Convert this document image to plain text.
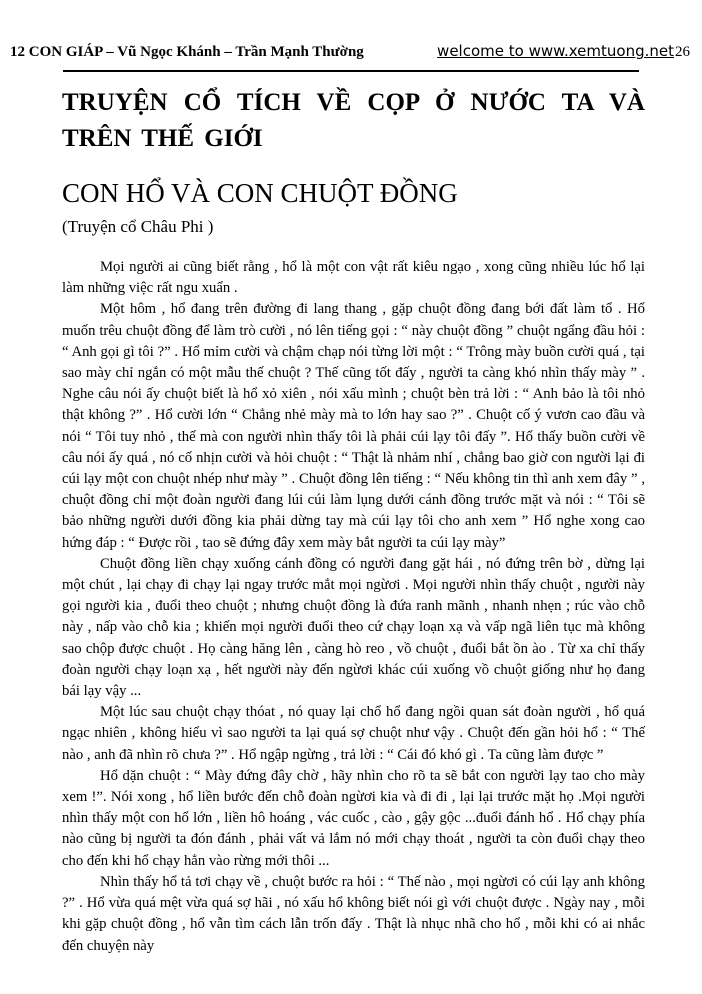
12 CON GIÁP – Vũ Ngọc Khánh – Trần Mạnh Thường	welcome to www.xemtuong.net26
TRUYỆN CỔ TÍCH VỀ CỌP Ở NƯỚC TA VÀ TRÊN THẾ GIỚI
CON HỔ VÀ CON CHUỘT ĐỒNG
(Truyện cổ Châu Phi )

Mọi người ai cũng biết rằng , hổ là một con vật rất kiêu ngạo , xong cũng nhiều lúc hổ lại làm những việc rất ngu xuẩn .

Một hôm , hổ đang trên đường đi lang thang , gặp chuột đồng đang bới đất làm tổ . Hổ muốn trêu chuột đồng để làm trò cười , nó lên tiếng gọi : “ này chuột đồng ” chuột ngẩng đầu hỏi : “ Anh gọi gì tôi ?” . Hổ mỉm cười và chậm chạp nói từng lời một : “ Trông mày buồn cười quá , tại sao mày chỉ ngắn có một mẫu thế chuột ? Thế cũng tốt đấy , người ta càng khó nhìn thấy mày ” . Nghe câu nói ấy chuột biết là hổ xỏ xiên , nói xấu mình ; chuột bèn trả lời : “ Anh bảo là tôi nhỏ thật không ?” . Hổ cười lớn “ Chẳng nhẻ mày mà to lớn hay sao ?” . Chuột cố ý vươn cao đầu và nói “ Tôi tuy nhỏ , thế mà con người nhìn thấy tôi là phải cúi lạy tôi đấy ”. Hổ thấy buồn cười về câu nói ấy quá , nó cố nhịn cười và hỏi chuột : “ Thật là nhảm nhí , chẳng bao giờ con người lại đi cúi lạy một con chuột nhép như mày ” . Chuột đồng lên tiếng : “ Nếu không tin thì anh xem đây ” , chuột đồng chỉ một đoàn người đang lúi cúi làm lụng dưới cánh đồng trước mặt và nói : “ Tôi sẽ bảo những người dưới đồng kia phải dừng tay mà cúi lạy tôi cho anh xem ” Hổ nghe xong cao hứng đáp : “ Được rồi , tao sẽ đứng đây xem mày bắt người ta cúi lạy mày”

Chuột đồng liền chạy xuống cánh đồng có người đang gặt hái , nó đứng trên bờ , dừng lại một chút , lại chạy đi chạy lại ngay trước mắt mọi ngừơi . Mọi người nhìn thấy chuột , người này gọi người kia , đuổi theo chuột ; nhưng chuột đồng là đứa ranh mãnh , nhanh nhẹn ; rúc vào chỗ này , nấp vào chỗ kia ; khiến mọi người đuổi theo cứ chạy loạn xạ và vấp ngã liên tục mà không sao chộp được chuột . Họ càng hăng lên , càng hò reo , vồ chuột , đuổi bắt ồn ào . Từ xa chỉ thấy đoàn người chạy loạn xạ , hết người này đến ngừơi khác cúi xuống vồ chuột giống như họ đang bái lạy vậy ...

Một lúc sau chuột chạy thóat , nó quay lại chổ hổ đang ngồi quan sát đoàn người , hổ quá ngạc nhiên , không hiểu vì sao người ta lại quá sợ chuột như vậy . Chuột đến gần hỏi hổ : “ Thế nào , anh đã nhìn rõ chưa ?” . Hổ ngập ngừng , trả lời : “ Cái đó khó gì . Ta cũng làm được ”

Hổ dặn chuột : “ Mày đứng đây chờ , hãy nhìn cho rõ ta sẽ bắt con người lạy tao cho mày xem !”. Nói xong , hổ liền bước đến chỗ đoàn ngừơi kia và đi đi , lại lại trước mặt họ .Mọi người nhìn thấy một con hổ lớn , liền hô hoáng , vác cuốc , cào , gậy gộc ...đuổi đánh hổ . Hổ chạy phía nào cũng bị người ta đón đánh , phải vất vả lắm nó mới chạy thoát , người ta còn đuổi chạy theo cho đến khi hổ chạy hẳn vào rừng mới thôi ...

Nhìn thấy hổ tả tơi chạy về , chuột bước ra hỏi : “ Thế nào , mọi ngừơi có cúi lạy anh không ?” . Hổ vừa quá mệt vừa quá sợ hãi , nó xấu hổ không biết nói gì với chuột được . Ngày nay , mỗi khi gặp chuột đồng , hổ vẫn tìm cách lẫn trốn đấy . Thật là nhục nhã cho hổ , mỗi khi có ai nhắc đến chuyện này
